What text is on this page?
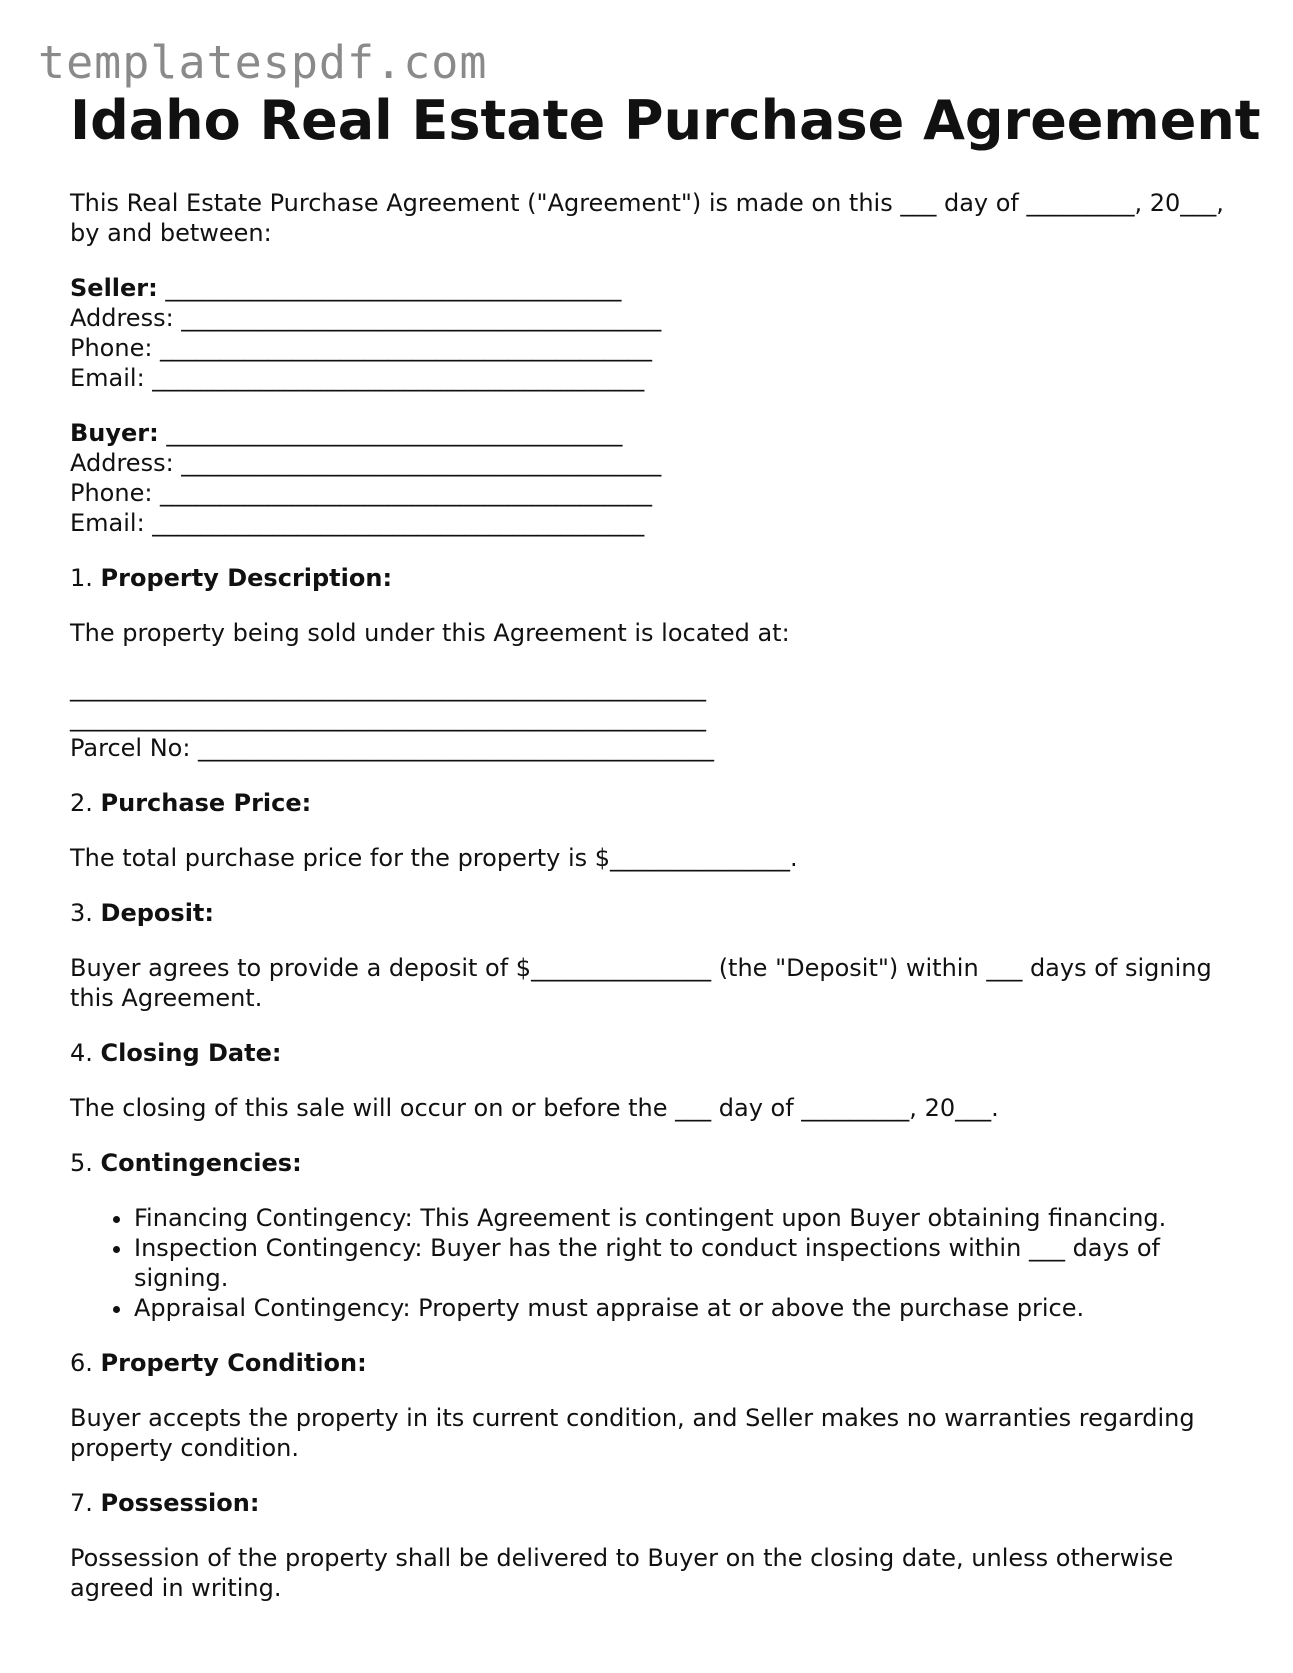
templatespdf.com
Idaho Real Estate Purchase Agreement

This Real Estate Purchase Agreement ("Agreement") is made on this ___ day of _________, 20___, by and between:

Seller: ______________________________________
Address: ________________________________________
Phone: _________________________________________
Email: _________________________________________
Buyer: ______________________________________
Address: ________________________________________
Phone: _________________________________________
Email: _________________________________________
1. Property Description:

The property being sold under this Agreement is located at:

_____________________________________________________
_____________________________________________________
Parcel No: ___________________________________________
2. Purchase Price:

The total purchase price for the property is $_______________.

3. Deposit:

Buyer agrees to provide a deposit of $_______________ (the "Deposit") within ___ days of signing this Agreement.

4. Closing Date:

The closing of this sale will occur on or before the ___ day of _________, 20___.

5. Contingencies:
• Financing Contingency: This Agreement is contingent upon Buyer obtaining financing.
• Inspection Contingency: Buyer has the right to conduct inspections within ___ days of signing.
• Appraisal Contingency: Property must appraise at or above the purchase price.
6. Property Condition:

Buyer accepts the property in its current condition, and Seller makes no warranties regarding property condition.

7. Possession:

Possession of the property shall be delivered to Buyer on the closing date, unless otherwise agreed in writing.
